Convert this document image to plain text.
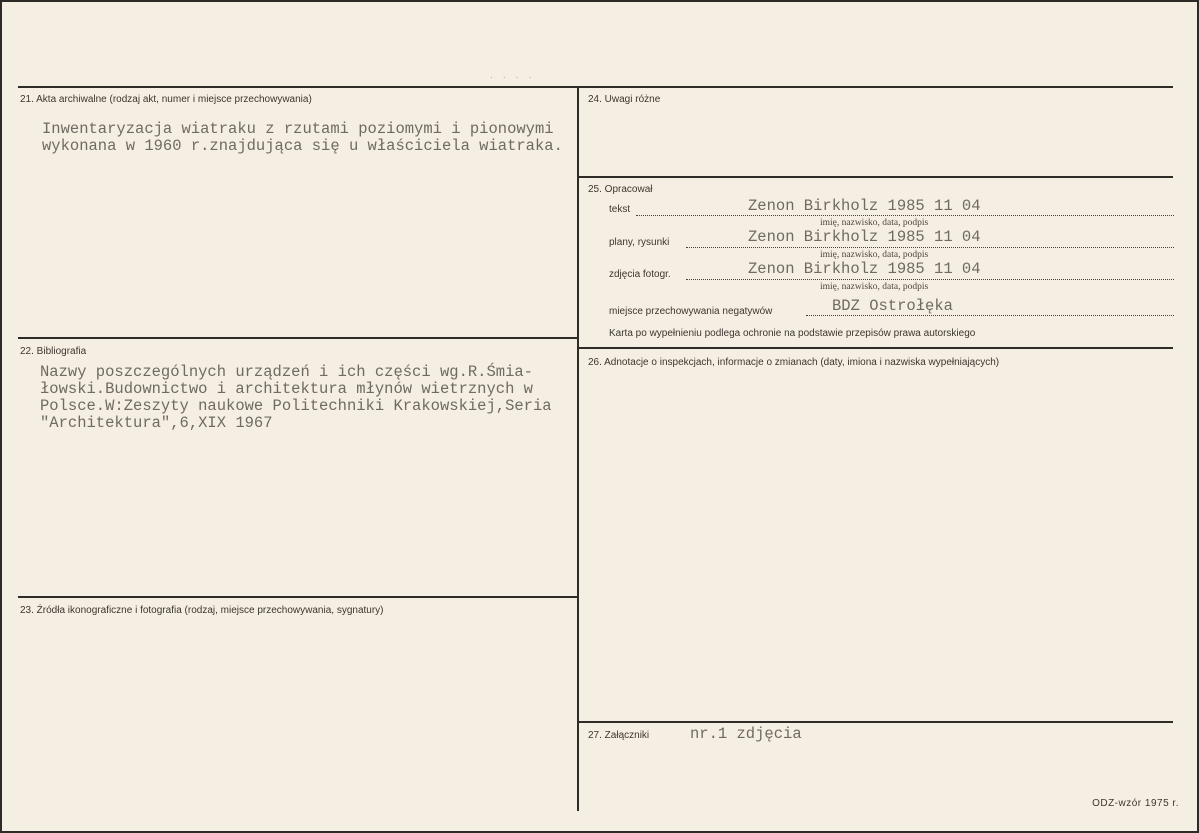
· · · ·
21. Akta archiwalne (rodzaj akt, numer i miejsce przechowywania)
Inwentaryzacja wiatraku z rzutami poziomymi i pionowymi
wykonana w 1960 r.znajdująca się u właściciela wiatraka.
22. Bibliografia
Nazwy poszczególnych urządzeń i ich części wg.R.Śmia-
łowski.Budownictwo i architektura młynów wietrznych w
Polsce.W:Zeszyty naukowe Politechniki Krakowskiej,Seria
"Architektura",6,XIX 1967
23. Źródła ikonograficzne i fotografia (rodzaj, miejsce przechowywania, sygnatury)
24. Uwagi różne
25. Opracował
tekst	Zenon Birkholz 1985 11 04
imię, nazwisko, data, podpis
plany, rysunki	Zenon Birkholz 1985 11 04
imię, nazwisko, data, podpis
zdjęcia fotogr.	Zenon Birkholz 1985 11 04
imię, nazwisko, data, podpis
miejsce przechowywania negatywów	BDZ Ostrołęka
Karta po wypełnieniu podlega ochronie na podstawie przepisów prawa autorskiego
26. Adnotacje o inspekcjach, informacje o zmianach (daty, imiona i nazwiska wypełniających)
27. Załączniki	nr.1 zdjęcia
ODZ-wzór 1975 r.
